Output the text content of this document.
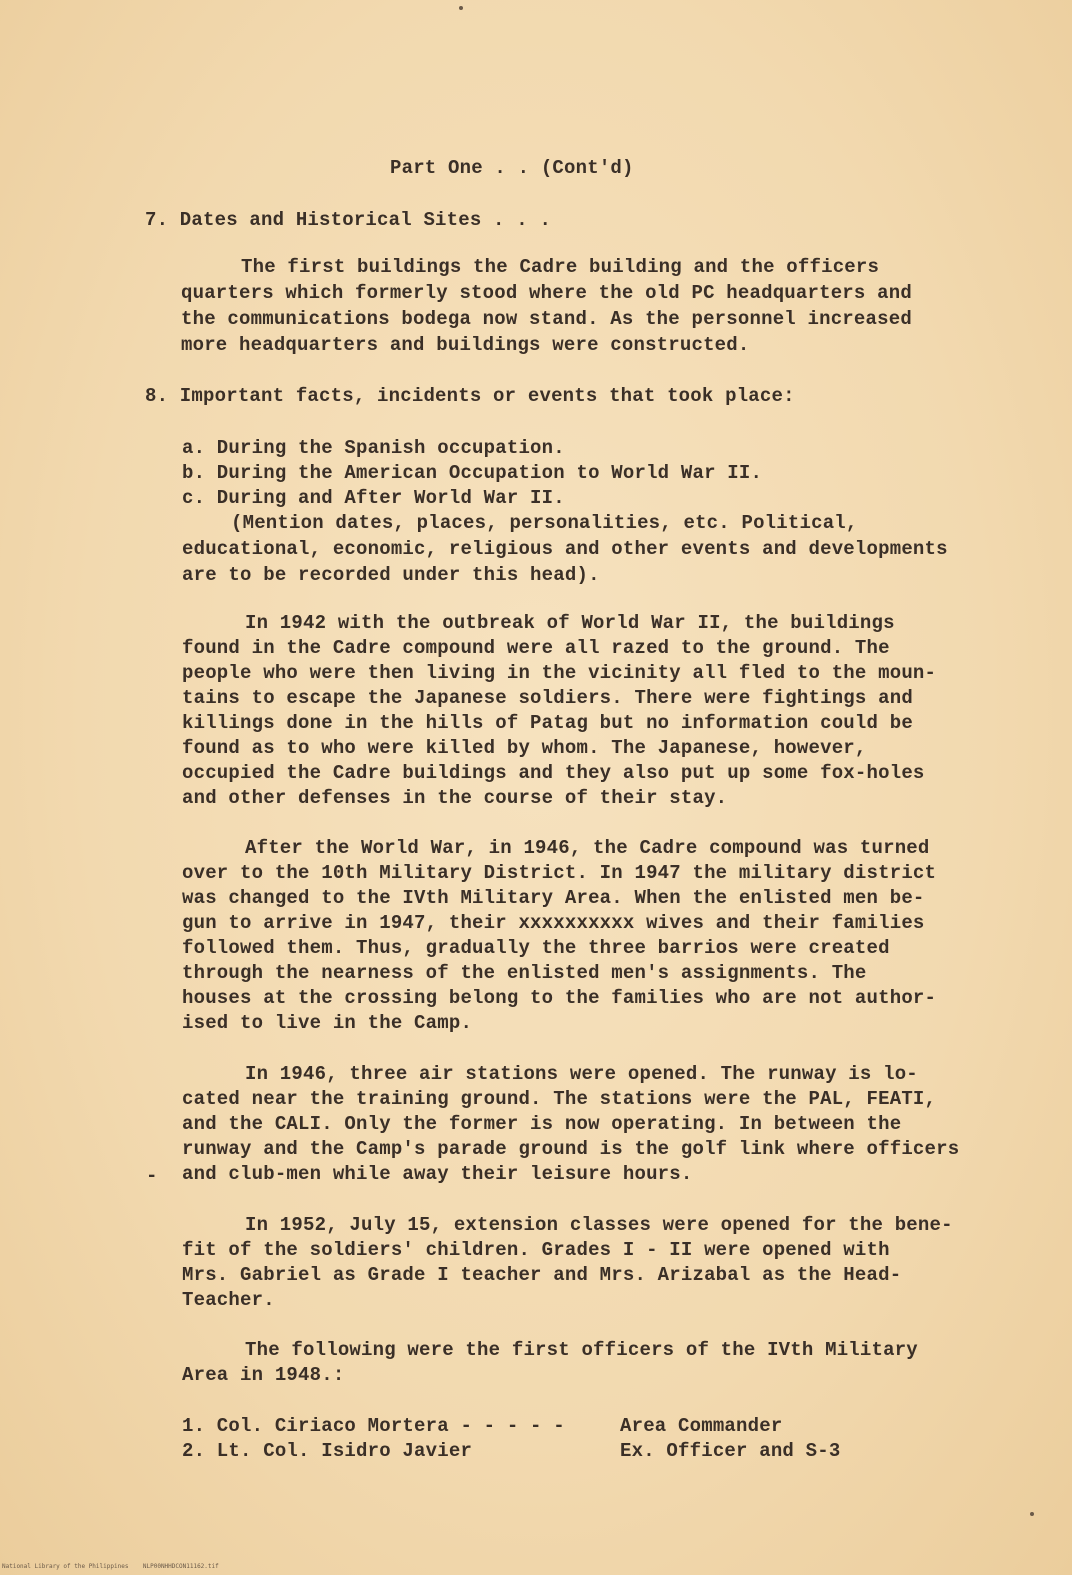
Part One . . (Cont'd)
7. Dates and Historical Sites . . .
The first buildings the Cadre building and the officers
quarters which formerly stood where the old PC headquarters and
the communications bodega now stand. As the personnel increased
more headquarters and buildings were constructed.
8. Important facts, incidents or events that took place:
a. During the Spanish occupation.
b. During the American Occupation to World War II.
c. During and After World War II.
(Mention dates, places, personalities, etc. Political,
educational, economic, religious and other events and developments
are to be recorded under this head).
In 1942 with the outbreak of World War II, the buildings
found in the Cadre compound were all razed to the ground. The
people who were then living in the vicinity all fled to the moun-
tains to escape the Japanese soldiers. There were fightings and
killings done in the hills of Patag but no information could be
found as to who were killed by whom. The Japanese, however,
occupied the Cadre buildings and they also put up some fox-holes
and other defenses in the course of their stay.
After the World War, in 1946, the Cadre compound was turned
over to the 10th Military District. In 1947 the military district
was changed to the IVth Military Area. When the enlisted men be-
gun to arrive in 1947, their xxxxxxxxxx wives and their families
followed them. Thus, gradually the three barrios were created
through the nearness of the enlisted men's assignments. The
houses at the crossing belong to the families who are not author-
ised to live in the Camp.
In 1946, three air stations were opened. The runway is lo-
cated near the training ground. The stations were the PAL, FEATI,
and the CALI. Only the former is now operating. In between the
runway and the Camp's parade ground is the golf link where officers
- and club-men while away their leisure hours.
In 1952, July 15, extension classes were opened for the bene-
fit of the soldiers' children. Grades I - II were opened with
Mrs. Gabriel as Grade I teacher and Mrs. Arizabal as the Head-
Teacher.
The following were the first officers of the IVth Military
Area in 1948.:
1. Col. Ciriaco Mortera - - - - -	Area Commander
2. Lt. Col. Isidro Javier	Ex. Officer and S-3
National Library of the Philippines    NLP00NHHDCON11162.tif
